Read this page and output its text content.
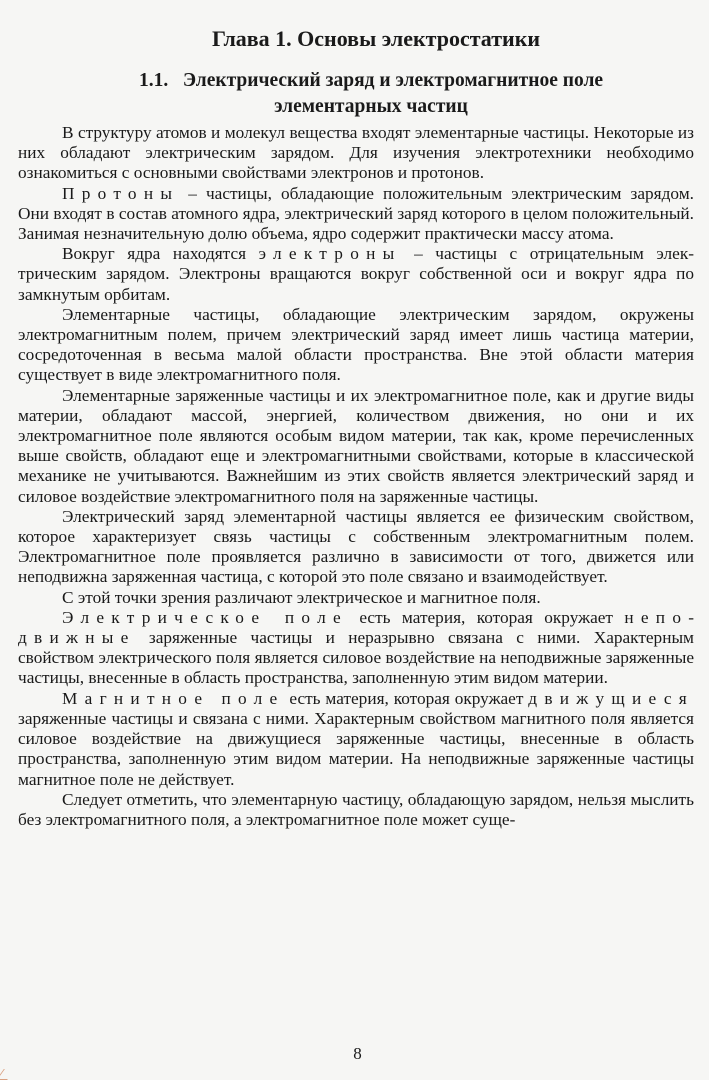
Глава 1. Основы электростатики
1.1.   Электрический заряд и электромагнитное поле
элементарных частиц

В структуру атомов и молекул вещества входят элементарные частицы. Некоторые из них обладают электрическим зарядом. Для изучения электротехники необходимо ознакомиться с основными свойствами электронов и протонов.

Протоны – частицы, обладающие положительным электрическим зарядом. Они входят в состав атомного ядра, электрический заряд которого в целом положительный. Занимая незначительную долю объема, ядро содержит практически массу атома.

Вокруг ядра находятся электроны – частицы с отрицательным электрическим зарядом. Электроны вращаются вокруг собственной оси и вокруг ядра по замкнутым орбитам.

Элементарные частицы, обладающие электрическим зарядом, окружены электромагнитным полем, причем электрический заряд имеет лишь частица материи, сосредоточенная в весьма малой области пространства. Вне этой области материя существует в виде электромагнитного поля.

Элементарные заряженные частицы и их электромагнитное поле, как и другие виды материи, обладают массой, энергией, количеством движения, но они и их электромагнитное поле являются особым видом материи, так как, кроме перечисленных выше свойств, обладают еще и электромагнитными свойствами, которые в классической механике не учитываются. Важнейшим из этих свойств является электрический заряд и силовое воздействие электромагнитного поля на заряженные частицы.

Электрический заряд элементарной частицы является ее физическим свойством, которое характеризует связь частицы с собственным электромагнитным полем. Электромагнитное поле проявляется различно в зависимости от того, движется или неподвижна заряженная частица, с которой это поле связано и взаимодействует.

С этой точки зрения различают электрическое и магнитное поля.

Электрическое поле есть материя, которая окружает неподвижные заряженные частицы и неразрывно связана с ними. Характерным свойством электрического поля является силовое воздействие на неподвижные заряженные частицы, внесенные в область пространства, заполненную этим видом материи.

Магнитное поле есть материя, которая окружает движущиеся заряженные частицы и связана с ними. Характерным свойством магнитного поля является силовое воздействие на движущиеся заряженные частицы, внесенные в область пространства, заполненную этим видом материи. На неподвижные заряженные частицы магнитное поле не действует.

Следует отметить, что элементарную частицу, обладающую зарядом, нельзя мыслить без электромагнитного поля, а электромагнитное поле может суще-

8
